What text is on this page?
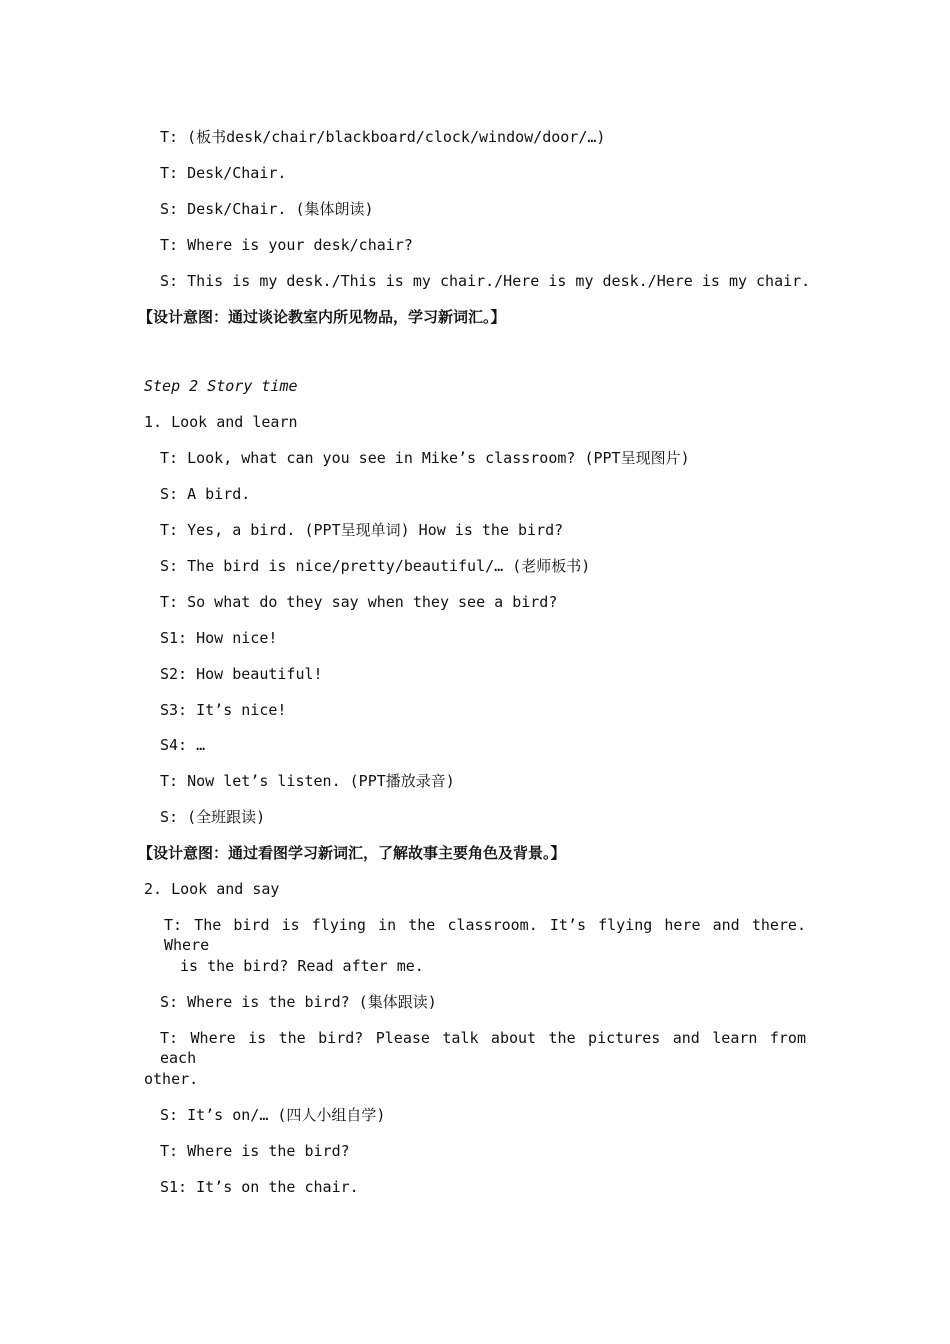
T: (板书desk/chair/blackboard/clock/window/door/…)
T: Desk/Chair.
S: Desk/Chair. (集体朗读)
T: Where is your desk/chair?
S: This is my desk./This is my chair./Here is my desk./Here is my chair.
【设计意图：通过谈论教室内所见物品，学习新词汇。】
Step 2 Story time
1. Look and learn
T: Look, what can you see in Mike’s classroom? (PPT呈现图片)
S: A bird.
T: Yes, a bird. (PPT呈现单词) How is the bird?
S: The bird is nice/pretty/beautiful/… (老师板书)
T: So what do they say when they see a bird?
S1: How nice!
S2: How beautiful!
S3: It’s nice!
S4: …
T: Now let’s listen. (PPT播放录音)
S: (全班跟读)
【设计意图：通过看图学习新词汇，了解故事主要角色及背景。】
2. Look and say
T: The bird is flying in the classroom. It’s flying here and there. Where
is the bird? Read after me.
S: Where is the bird? (集体跟读)
T: Where is the bird? Please talk about the pictures and learn from each
other.
S: It’s on/… (四人小组自学)
T: Where is the bird?
S1: It’s on the chair.
